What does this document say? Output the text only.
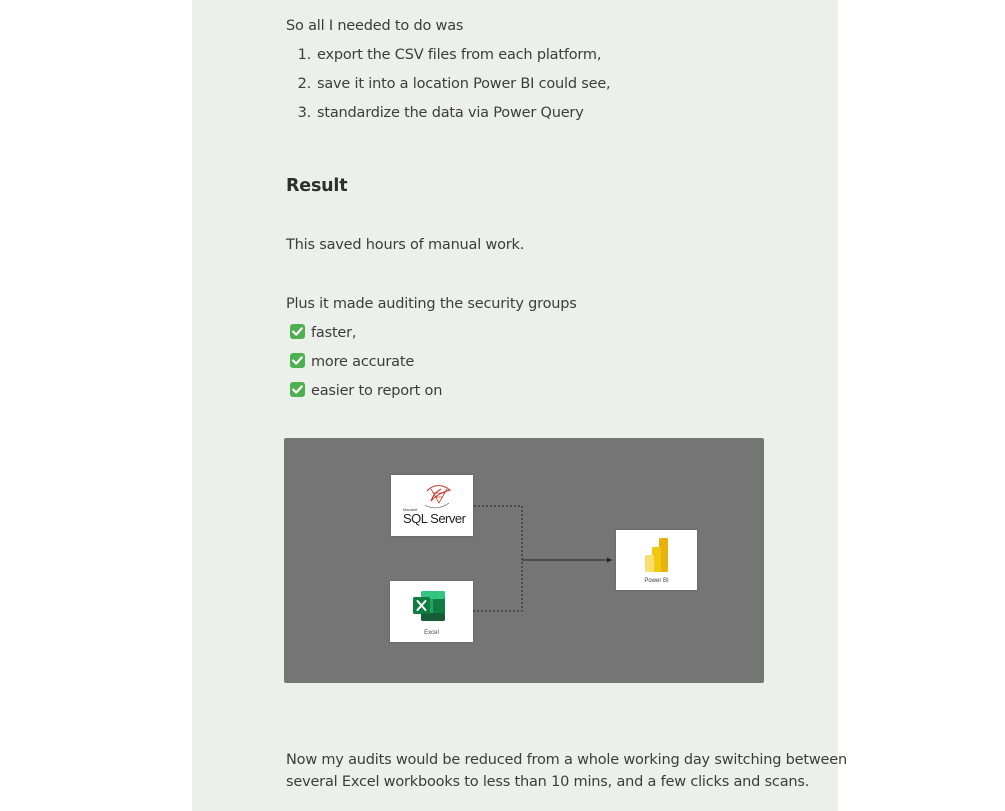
So all I needed to do was

1. export the CSV files from each platform,
2. save it into a location Power BI could see,
3. standardize the data via Power Query
Result

This saved hours of manual work.

Plus it made auditing the security groups

faster,
more accurate
easier to report on

Now my audits would be reduced from a whole working day switching between

several Excel workbooks to less than 10 mins, and a few clicks and scans.

Microsoft
SQL Server
Excel
Power BI
